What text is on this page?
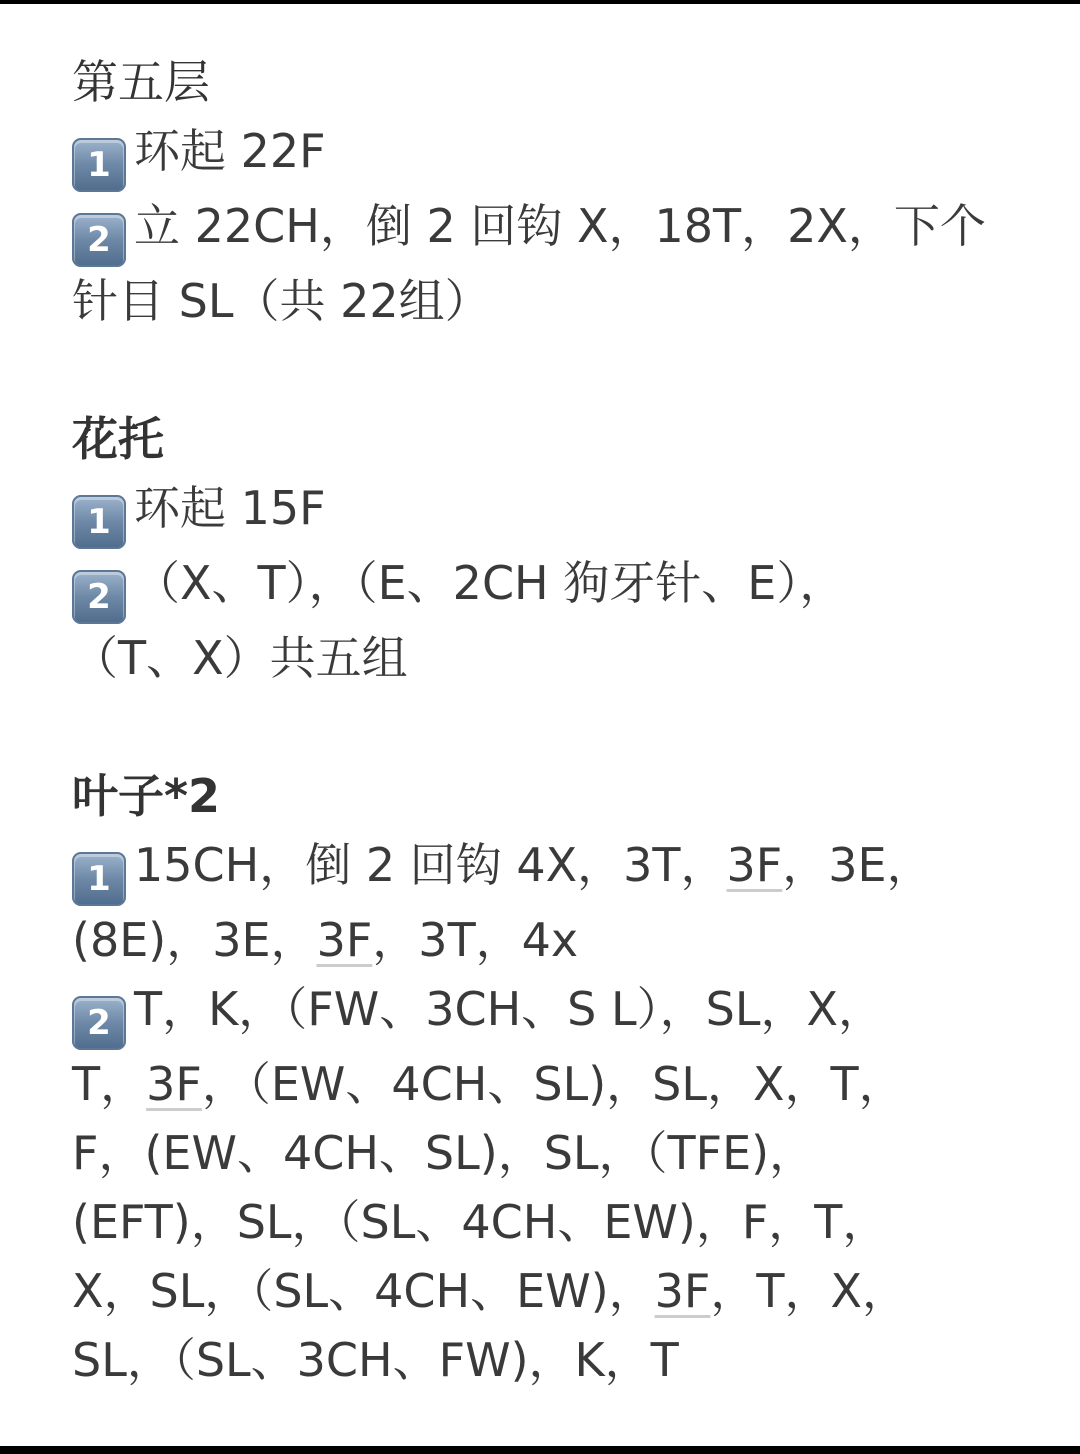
第五层
1 环起 22F
2 立 22CH，倒 2 回钩 X，18T，2X，下个
针目 SL（共 22组）
花托
1 环起 15F
2 （X、T），（E、2CH 狗牙针、E），
（T、X）共五组
叶子*2
1 15CH，倒 2 回钩 4X，3T，3F，3E，
(8E)，3E，3F，3T，4x
2 T，K，（FW、3CH、S L），SL，X，
T，3F，（EW、4CH、SL)，SL，X，T，
F，(EW、4CH、SL)，SL，（TFE)，
(EFT)，SL，（SL、4CH、EW)，F，T，
X，SL，（SL、4CH、EW)，3F，T，X，
SL，（SL、3CH、FW)，K，T
